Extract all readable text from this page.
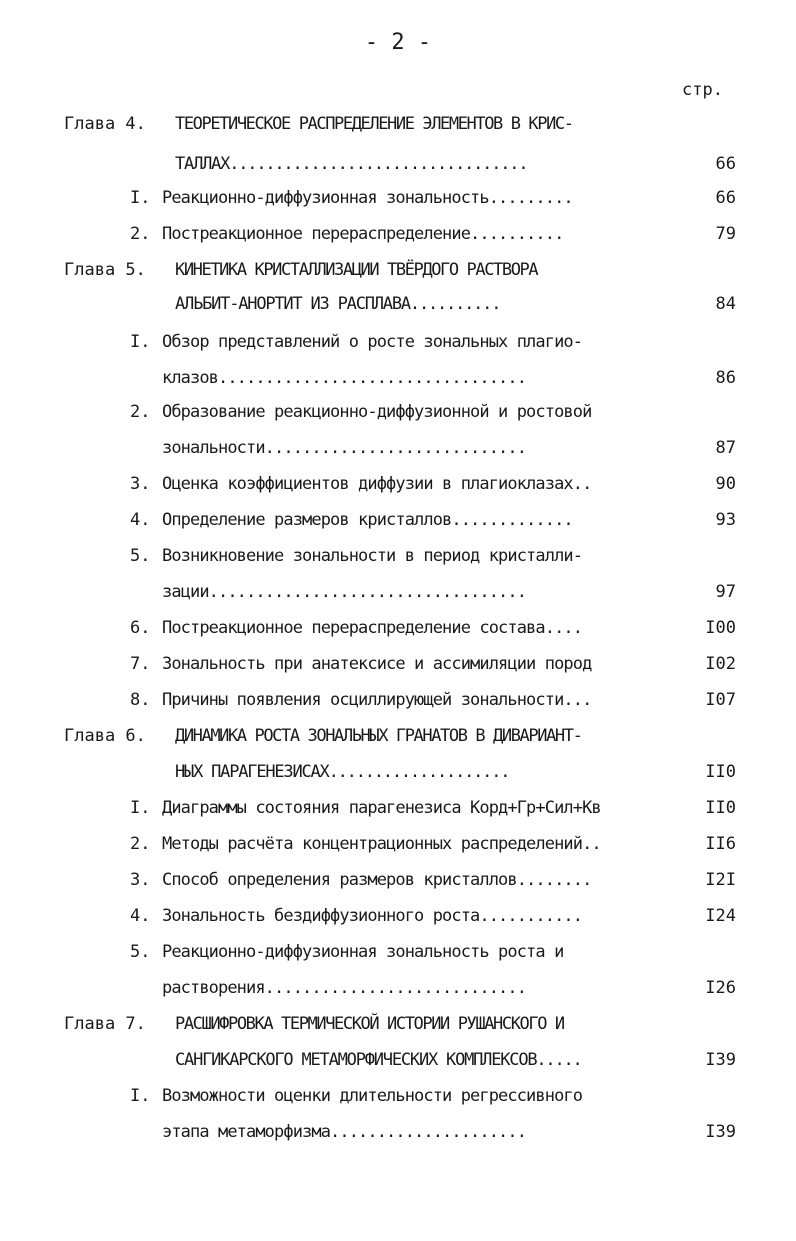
- 2 -
стр.
Глава 4. ТЕОРЕТИЧЕСКОЕ РАСПРЕДЕЛЕНИЕ ЭЛЕМЕНТОВ В КРИС-
ТАЛЛАХ.................................	66
I. Реакционно-диффузионная зональность.........	66
2. Постреакционное перераспределение..........	79
Глава 5. КИНЕТИКА КРИСТАЛЛИЗАЦИИ ТВЁРДОГО РАСТВОРА
АЛЬБИТ-АНОРТИТ ИЗ РАСПЛАВА..........	84
I. Обзор представлений о росте зональных плагио-
клазов.................................	86
2. Образование реакционно-диффузионной и ростовой
зональности............................	87
3. Оценка коэффициентов диффузии в плагиоклазах..	90
4. Определение размеров кристаллов.............	93
5. Возникновение зональности в период кристалли-
зации..................................	97
6. Постреакционное перераспределение состава....	I00
7. Зональность при анатексисе и ассимиляции пород	I02
8. Причины появления осциллирующей зональности...	I07
Глава 6. ДИНАМИКА РОСТА ЗОНАЛЬНЫХ ГРАНАТОВ В ДИВАРИАНТ-
НЫХ ПАРАГЕНЕЗИСАХ....................	II0
I. Диаграммы состояния парагенезиса Корд+Гр+Сил+Кв	II0
2. Методы расчёта концентрационных распределений..	II6
3. Способ определения размеров кристаллов........	I2I
4. Зональность бездиффузионного роста...........	I24
5. Реакционно-диффузионная зональность роста и
растворения............................	I26
Глава 7. РАСШИФРОВКА ТЕРМИЧЕСКОЙ ИСТОРИИ РУШАНСКОГО И
САНГИКАРСКОГО МЕТАМОРФИЧЕСКИХ КОМПЛЕКСОВ.....	I39
I. Возможности оценки длительности регрессивного
этапа метаморфизма.....................	I39
